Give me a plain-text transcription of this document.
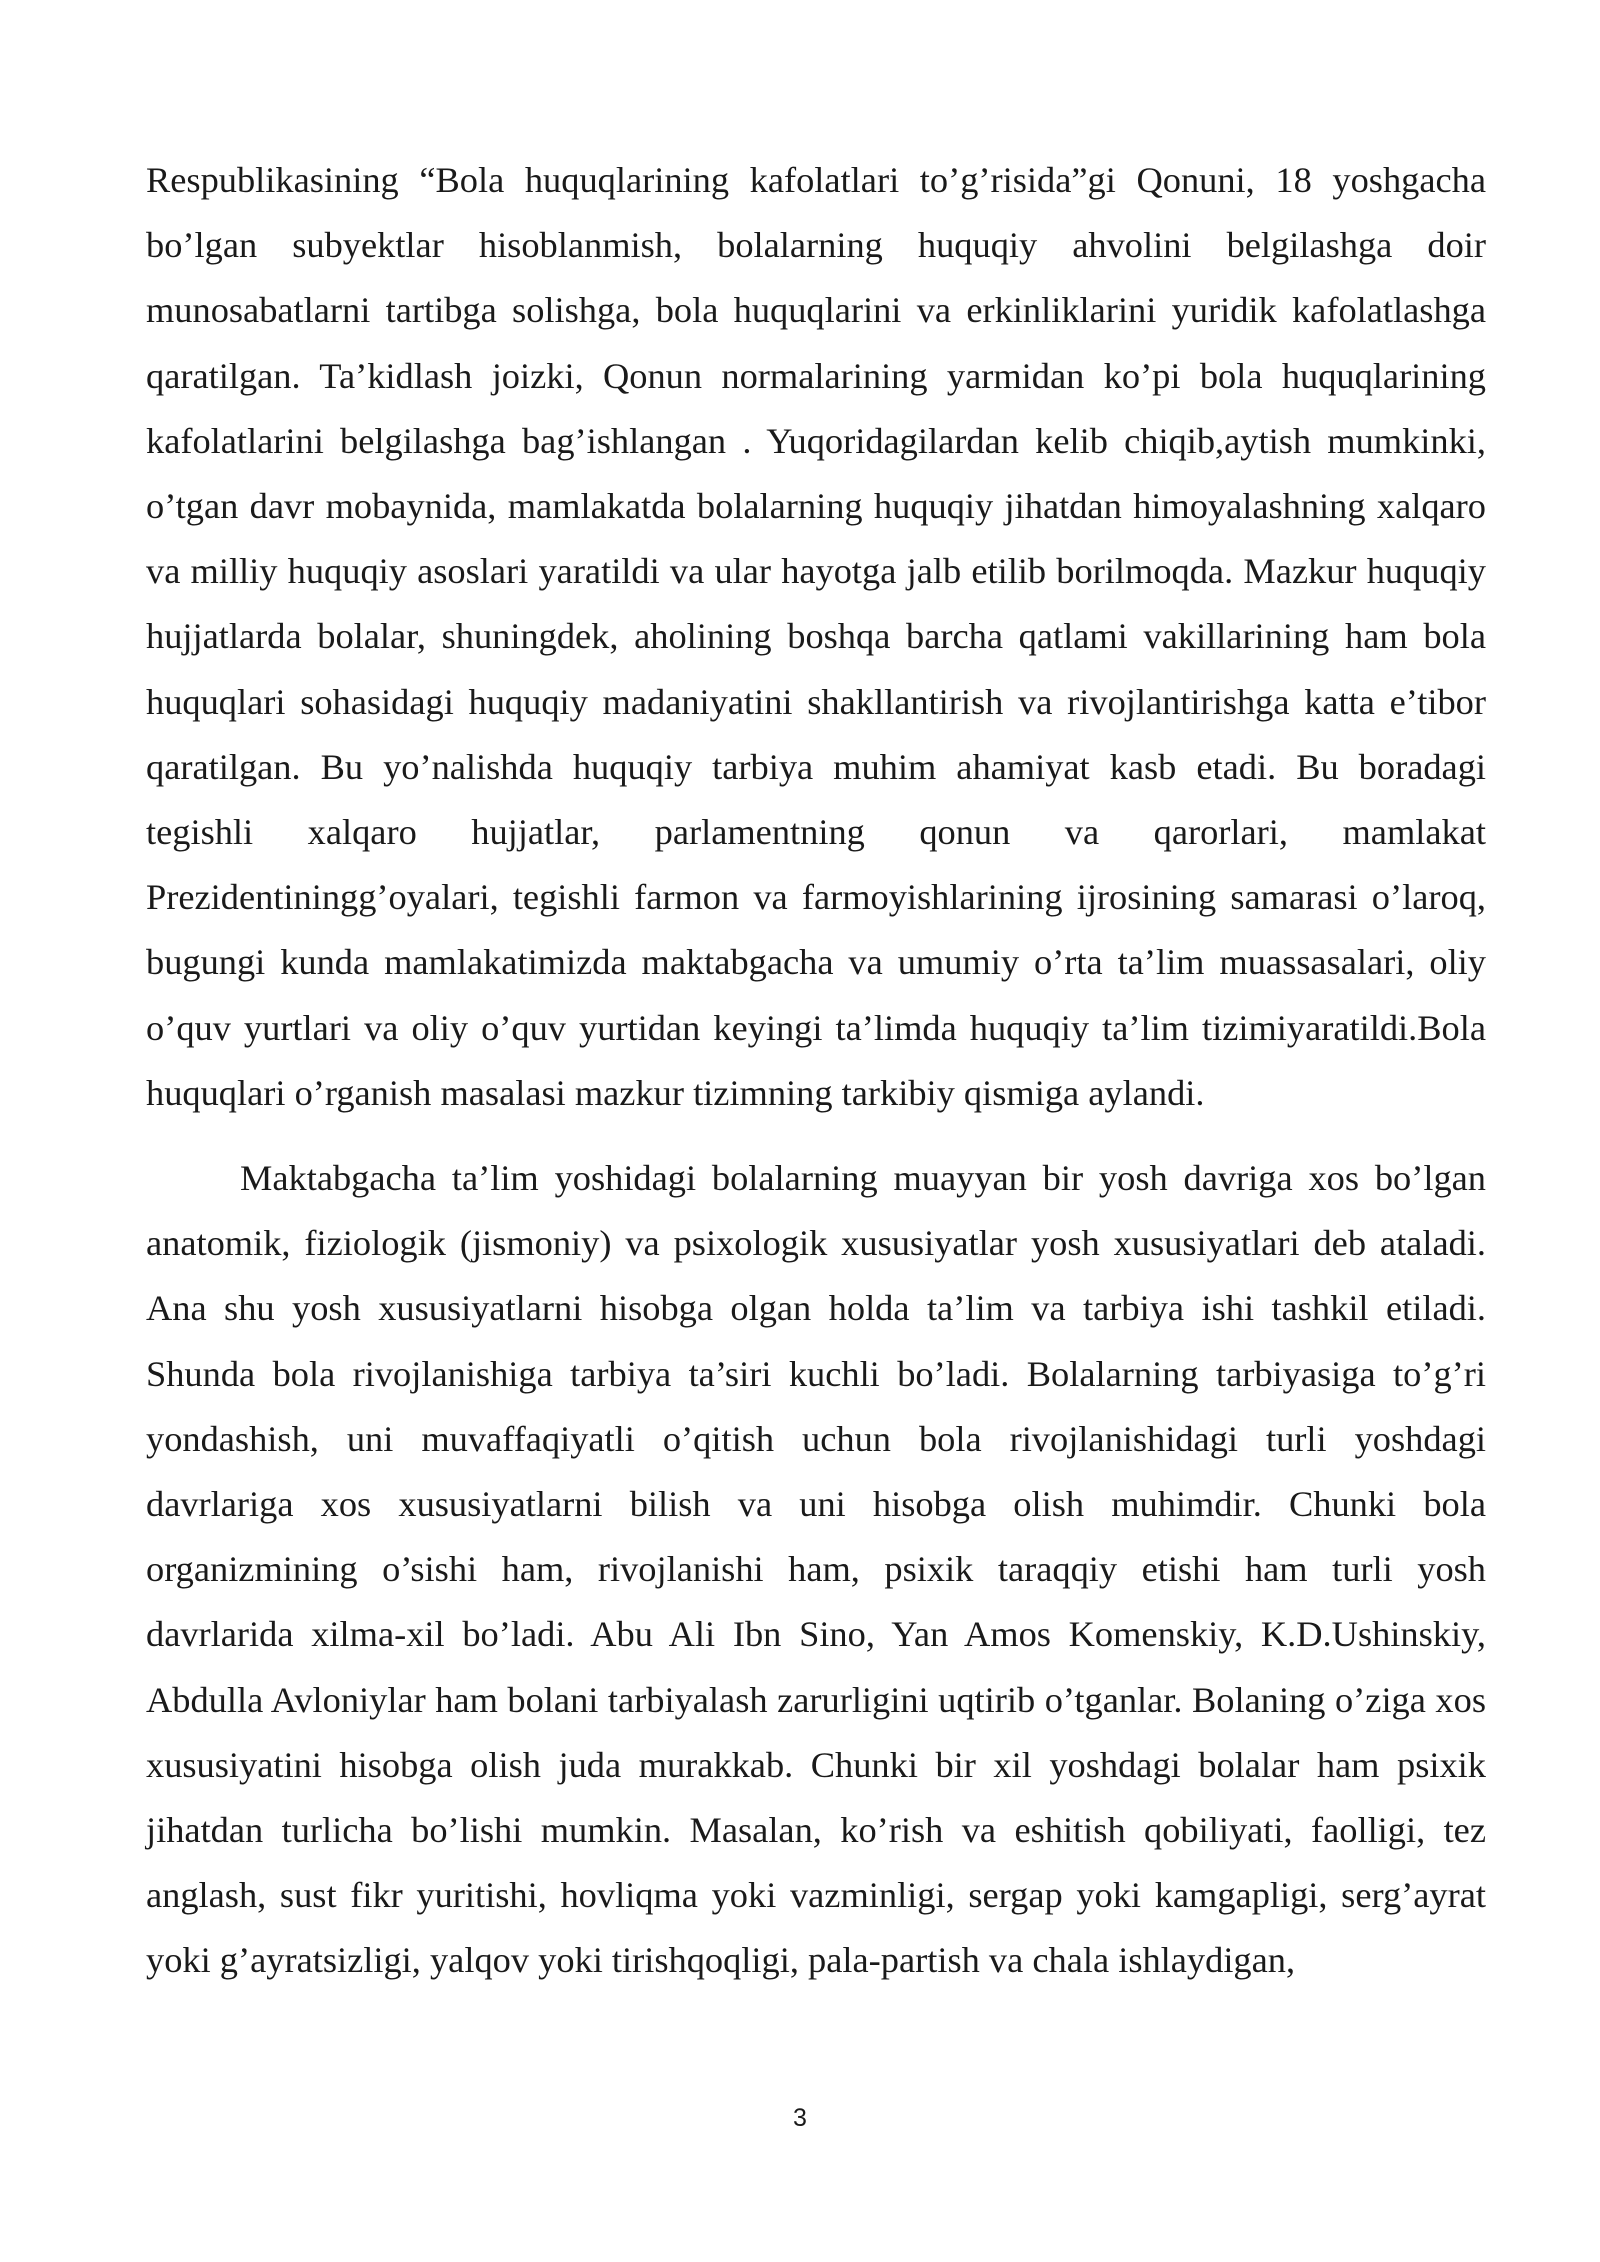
Respublikasining “Bola huquqlarining kafolatlari to’g’risida”gi Qonuni, 18 yoshgacha bo’lgan subyektlar hisoblanmish, bolalarning huquqiy ahvolini belgilashga doir munosabatlarni tartibga solishga, bola huquqlarini va erkinliklarini yuridik kafolatlashga qaratilgan. Ta’kidlash joizki, Qonun normalarining yarmidan ko’pi bola huquqlarining kafolatlarini belgilashga bag’ishlangan . Yuqoridagilardan kelib chiqib,aytish mumkinki, o’tgan davr mobaynida, mamlakatda bolalarning huquqiy jihatdan himoyalashning xalqaro va milliy huquqiy asoslari yaratildi va ular hayotga jalb etilib borilmoqda. Mazkur huquqiy hujjatlarda bolalar, shuningdek, aholining boshqa barcha qatlami vakillarining ham bola huquqlari sohasidagi huquqiy madaniyatini shakllantirish va rivojlantirishga katta e’tibor qaratilgan. Bu yo’nalishda huquqiy tarbiya muhim ahamiyat kasb etadi. Bu boradagi tegishli xalqaro hujjatlar, parlamentning qonun va qarorlari, mamlakat Prezidentiningg’oyalari, tegishli farmon va farmoyishlarining ijrosining samarasi o’laroq, bugungi kunda mamlakatimizda maktabgacha va umumiy o’rta ta’lim muassasalari, oliy o’quv yurtlari va oliy o’quv yurtidan keyingi ta’limda huquqiy ta’lim tizimiyaratildi.Bola huquqlari o’rganish masalasi mazkur tizimning tarkibiy qismiga aylandi.

Maktabgacha ta’lim yoshidagi bolalarning muayyan bir yosh davriga xos bo’lgan anatomik, fiziologik (jismoniy) va psixologik xususiyatlar yosh xususiyatlari deb ataladi. Ana shu yosh xususiyatlarni hisobga olgan holda ta’lim va tarbiya ishi tashkil etiladi. Shunda bola rivojlanishiga tarbiya ta’siri kuchli bo’ladi. Bolalarning tarbiyasiga to’g’ri yondashish, uni muvaffaqiyatli o’qitish uchun bola rivojlanishidagi turli yoshdagi davrlariga xos xususiyatlarni bilish va uni hisobga olish muhimdir. Chunki bola organizmining o’sishi ham, rivojlanishi ham, psixik taraqqiy etishi ham turli yosh davrlarida xilma-xil bo’ladi. Abu Ali Ibn Sino, Yan Amos Komenskiy, K.D.Ushinskiy, Abdulla Avloniylar ham bolani tarbiyalash zarurligini uqtirib o’tganlar. Bolaning o’ziga xos xususiyatini hisobga olish juda murakkab. Chunki bir xil yoshdagi bolalar ham psixik jihatdan turlicha bo’lishi mumkin. Masalan, ko’rish va eshitish qobiliyati, faolligi, tez anglash, sust fikr yuritishi, hovliqma yoki vazminligi, sergap yoki kamgapligi, serg’ayrat yoki g’ayratsizligi, yalqov yoki tirishqoqligi, pala-partish va chala ishlaydigan,

3
